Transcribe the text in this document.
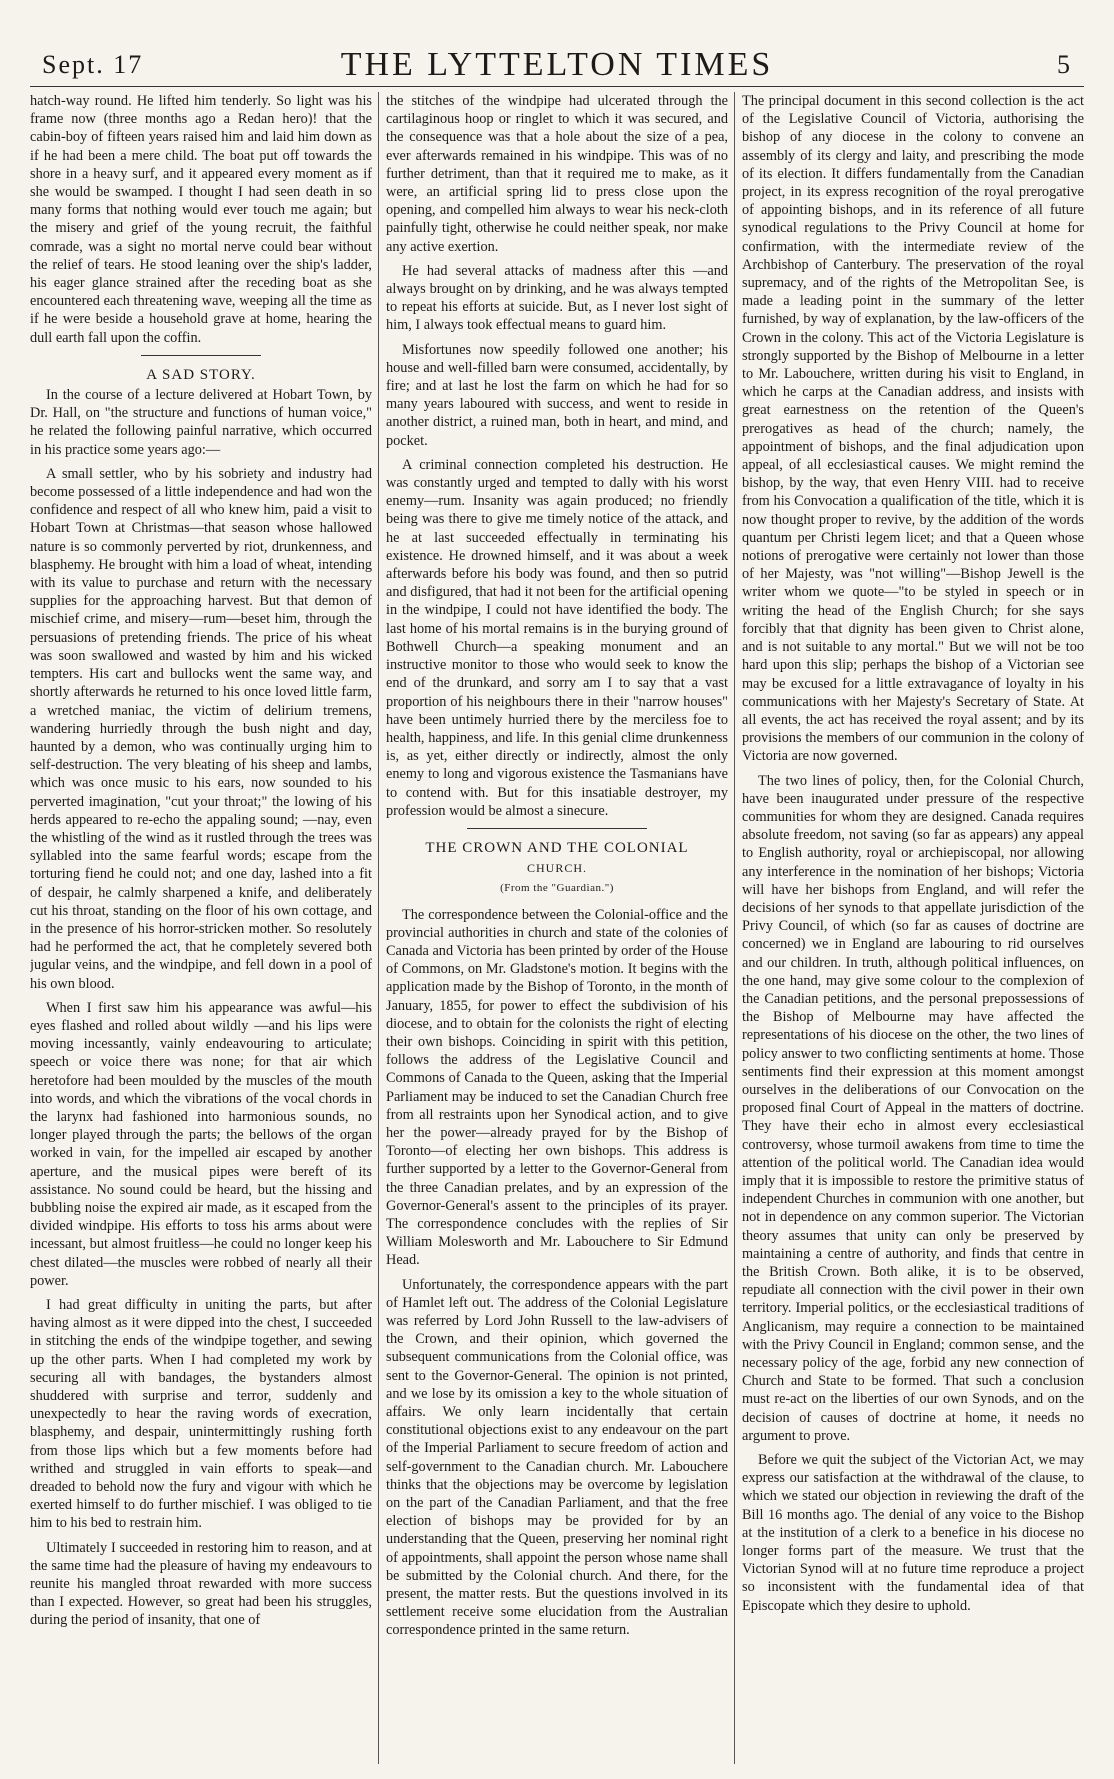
Sept. 17	THE LYTTELTON TIMES	5

hatch-way round. He lifted him tenderly. So light was his frame now (three months ago a Redan hero)! that the cabin-boy of fifteen years raised him and laid him down as if he had been a mere child. The boat put off towards the shore in a heavy surf, and it appeared every moment as if she would be swamped. I thought I had seen death in so many forms that nothing would ever touch me again; but the misery and grief of the young recruit, the faithful comrade, was a sight no mortal nerve could bear without the relief of tears. He stood leaning over the ship's ladder, his eager glance strained after the receding boat as she encountered each threatening wave, weeping all the time as if he were beside a household grave at home, hearing the dull earth fall upon the coffin.

A SAD STORY.

In the course of a lecture delivered at Hobart Town, by Dr. Hall, on "the structure and functions of human voice," he related the following painful narrative, which occurred in his practice some years ago:—

A small settler, who by his sobriety and industry had become possessed of a little independence and had won the confidence and respect of all who knew him, paid a visit to Hobart Town at Christmas—that season whose hallowed nature is so commonly perverted by riot, drunkenness, and blasphemy. He brought with him a load of wheat, intending with its value to purchase and return with the necessary supplies for the approaching harvest. But that demon of mischief crime, and misery—rum—beset him, through the persuasions of pretending friends. The price of his wheat was soon swallowed and wasted by him and his wicked tempters. His cart and bullocks went the same way, and shortly afterwards he returned to his once loved little farm, a wretched maniac, the victim of delirium tremens, wandering hurriedly through the bush night and day, haunted by a demon, who was continually urging him to self-destruction. The very bleating of his sheep and lambs, which was once music to his ears, now sounded to his perverted imagination, "cut your throat;" the lowing of his herds appeared to re-echo the appaling sound; —nay, even the whistling of the wind as it rustled through the trees was syllabled into the same fearful words; escape from the torturing fiend he could not; and one day, lashed into a fit of despair, he calmly sharpened a knife, and deliberately cut his throat, standing on the floor of his own cottage, and in the presence of his horror-stricken mother. So resolutely had he performed the act, that he completely severed both jugular veins, and the windpipe, and fell down in a pool of his own blood.

When I first saw him his appearance was awful—his eyes flashed and rolled about wildly —and his lips were moving incessantly, vainly endeavouring to articulate; speech or voice there was none; for that air which heretofore had been moulded by the muscles of the mouth into words, and which the vibrations of the vocal chords in the larynx had fashioned into harmonious sounds, no longer played through the parts; the bellows of the organ worked in vain, for the impelled air escaped by another aperture, and the musical pipes were bereft of its assistance. No sound could be heard, but the hissing and bubbling noise the expired air made, as it escaped from the divided windpipe. His efforts to toss his arms about were incessant, but almost fruitless—he could no longer keep his chest dilated—the muscles were robbed of nearly all their power.

I had great difficulty in uniting the parts, but after having almost as it were dipped into the chest, I succeeded in stitching the ends of the windpipe together, and sewing up the other parts. When I had completed my work by securing all with bandages, the bystanders almost shuddered with surprise and terror, suddenly and unexpectedly to hear the raving words of execration, blasphemy, and despair, unintermittingly rushing forth from those lips which but a few moments before had writhed and struggled in vain efforts to speak—and dreaded to behold now the fury and vigour with which he exerted himself to do further mischief. I was obliged to tie him to his bed to restrain him.

Ultimately I succeeded in restoring him to reason, and at the same time had the pleasure of having my endeavours to reunite his mangled throat rewarded with more success than I expected. However, so great had been his struggles, during the period of insanity, that one of

the stitches of the windpipe had ulcerated through the cartilaginous hoop or ringlet to which it was secured, and the consequence was that a hole about the size of a pea, ever afterwards remained in his windpipe. This was of no further detriment, than that it required me to make, as it were, an artificial spring lid to press close upon the opening, and compelled him always to wear his neck-cloth painfully tight, otherwise he could neither speak, nor make any active exertion.

He had several attacks of madness after this —and always brought on by drinking, and he was always tempted to repeat his efforts at suicide. But, as I never lost sight of him, I always took effectual means to guard him.

Misfortunes now speedily followed one another; his house and well-filled barn were consumed, accidentally, by fire; and at last he lost the farm on which he had for so many years laboured with success, and went to reside in another district, a ruined man, both in heart, and mind, and pocket.

A criminal connection completed his destruction. He was constantly urged and tempted to dally with his worst enemy—rum. Insanity was again produced; no friendly being was there to give me timely notice of the attack, and he at last succeeded effectually in terminating his existence. He drowned himself, and it was about a week afterwards before his body was found, and then so putrid and disfigured, that had it not been for the artificial opening in the windpipe, I could not have identified the body. The last home of his mortal remains is in the burying ground of Bothwell Church—a speaking monument and an instructive monitor to those who would seek to know the end of the drunkard, and sorry am I to say that a vast proportion of his neighbours there in their "narrow houses" have been untimely hurried there by the merciless foe to health, happiness, and life. In this genial clime drunkenness is, as yet, either directly or indirectly, almost the only enemy to long and vigorous existence the Tasmanians have to contend with. But for this insatiable destroyer, my profession would be almost a sinecure.

THE CROWN AND THE COLONIAL
CHURCH.
(From the "Guardian.")

The correspondence between the Colonial-office and the provincial authorities in church and state of the colonies of Canada and Victoria has been printed by order of the House of Commons, on Mr. Gladstone's motion. It begins with the application made by the Bishop of Toronto, in the month of January, 1855, for power to effect the subdivision of his diocese, and to obtain for the colonists the right of electing their own bishops. Coinciding in spirit with this petition, follows the address of the Legislative Council and Commons of Canada to the Queen, asking that the Imperial Parliament may be induced to set the Canadian Church free from all restraints upon her Synodical action, and to give her the power—already prayed for by the Bishop of Toronto—of electing her own bishops. This address is further supported by a letter to the Governor-General from the three Canadian prelates, and by an expression of the Governor-General's assent to the principles of its prayer. The correspondence concludes with the replies of Sir William Molesworth and Mr. Labouchere to Sir Edmund Head.

Unfortunately, the correspondence appears with the part of Hamlet left out. The address of the Colonial Legislature was referred by Lord John Russell to the law-advisers of the Crown, and their opinion, which governed the subsequent communications from the Colonial office, was sent to the Governor-General. The opinion is not printed, and we lose by its omission a key to the whole situation of affairs. We only learn incidentally that certain constitutional objections exist to any endeavour on the part of the Imperial Parliament to secure freedom of action and self-government to the Canadian church. Mr. Labouchere thinks that the objections may be overcome by legislation on the part of the Canadian Parliament, and that the free election of bishops may be provided for by an understanding that the Queen, preserving her nominal right of appointments, shall appoint the person whose name shall be submitted by the Colonial church. And there, for the present, the matter rests. But the questions involved in its settlement receive some elucidation from the Australian correspondence printed in the same return.

The principal document in this second collection is the act of the Legislative Council of Victoria, authorising the bishop of any diocese in the colony to convene an assembly of its clergy and laity, and prescribing the mode of its election. It differs fundamentally from the Canadian project, in its express recognition of the royal prerogative of appointing bishops, and in its reference of all future synodical regulations to the Privy Council at home for confirmation, with the intermediate review of the Archbishop of Canterbury. The preservation of the royal supremacy, and of the rights of the Metropolitan See, is made a leading point in the summary of the letter furnished, by way of explanation, by the law-officers of the Crown in the colony. This act of the Victoria Legislature is strongly supported by the Bishop of Melbourne in a letter to Mr. Labouchere, written during his visit to England, in which he carps at the Canadian address, and insists with great earnestness on the retention of the Queen's prerogatives as head of the church; namely, the appointment of bishops, and the final adjudication upon appeal, of all ecclesiastical causes. We might remind the bishop, by the way, that even Henry VIII. had to receive from his Convocation a qualification of the title, which it is now thought proper to revive, by the addition of the words quantum per Christi legem licet; and that a Queen whose notions of prerogative were certainly not lower than those of her Majesty, was "not willing"—Bishop Jewell is the writer whom we quote—"to be styled in speech or in writing the head of the English Church; for she says forcibly that that dignity has been given to Christ alone, and is not suitable to any mortal." But we will not be too hard upon this slip; perhaps the bishop of a Victorian see may be excused for a little extravagance of loyalty in his communications with her Majesty's Secretary of State. At all events, the act has received the royal assent; and by its provisions the members of our communion in the colony of Victoria are now governed.

The two lines of policy, then, for the Colonial Church, have been inaugurated under pressure of the respective communities for whom they are designed. Canada requires absolute freedom, not saving (so far as appears) any appeal to English authority, royal or archiepiscopal, nor allowing any interference in the nomination of her bishops; Victoria will have her bishops from England, and will refer the decisions of her synods to that appellate jurisdiction of the Privy Council, of which (so far as causes of doctrine are concerned) we in England are labouring to rid ourselves and our children. In truth, although political influences, on the one hand, may give some colour to the complexion of the Canadian petitions, and the personal prepossessions of the Bishop of Melbourne may have affected the representations of his diocese on the other, the two lines of policy answer to two conflicting sentiments at home. Those sentiments find their expression at this moment amongst ourselves in the deliberations of our Convocation on the proposed final Court of Appeal in the matters of doctrine. They have their echo in almost every ecclesiastical controversy, whose turmoil awakens from time to time the attention of the political world. The Canadian idea would imply that it is impossible to restore the primitive status of independent Churches in communion with one another, but not in dependence on any common superior. The Victorian theory assumes that unity can only be preserved by maintaining a centre of authority, and finds that centre in the British Crown. Both alike, it is to be observed, repudiate all connection with the civil power in their own territory. Imperial politics, or the ecclesiastical traditions of Anglicanism, may require a connection to be maintained with the Privy Council in England; common sense, and the necessary policy of the age, forbid any new connection of Church and State to be formed. That such a conclusion must re-act on the liberties of our own Synods, and on the decision of causes of doctrine at home, it needs no argument to prove.

Before we quit the subject of the Victorian Act, we may express our satisfaction at the withdrawal of the clause, to which we stated our objection in reviewing the draft of the Bill 16 months ago. The denial of any voice to the Bishop at the institution of a clerk to a benefice in his diocese no longer forms part of the measure. We trust that the Victorian Synod will at no future time reproduce a project so inconsistent with the fundamental idea of that Episcopate which they desire to uphold.
